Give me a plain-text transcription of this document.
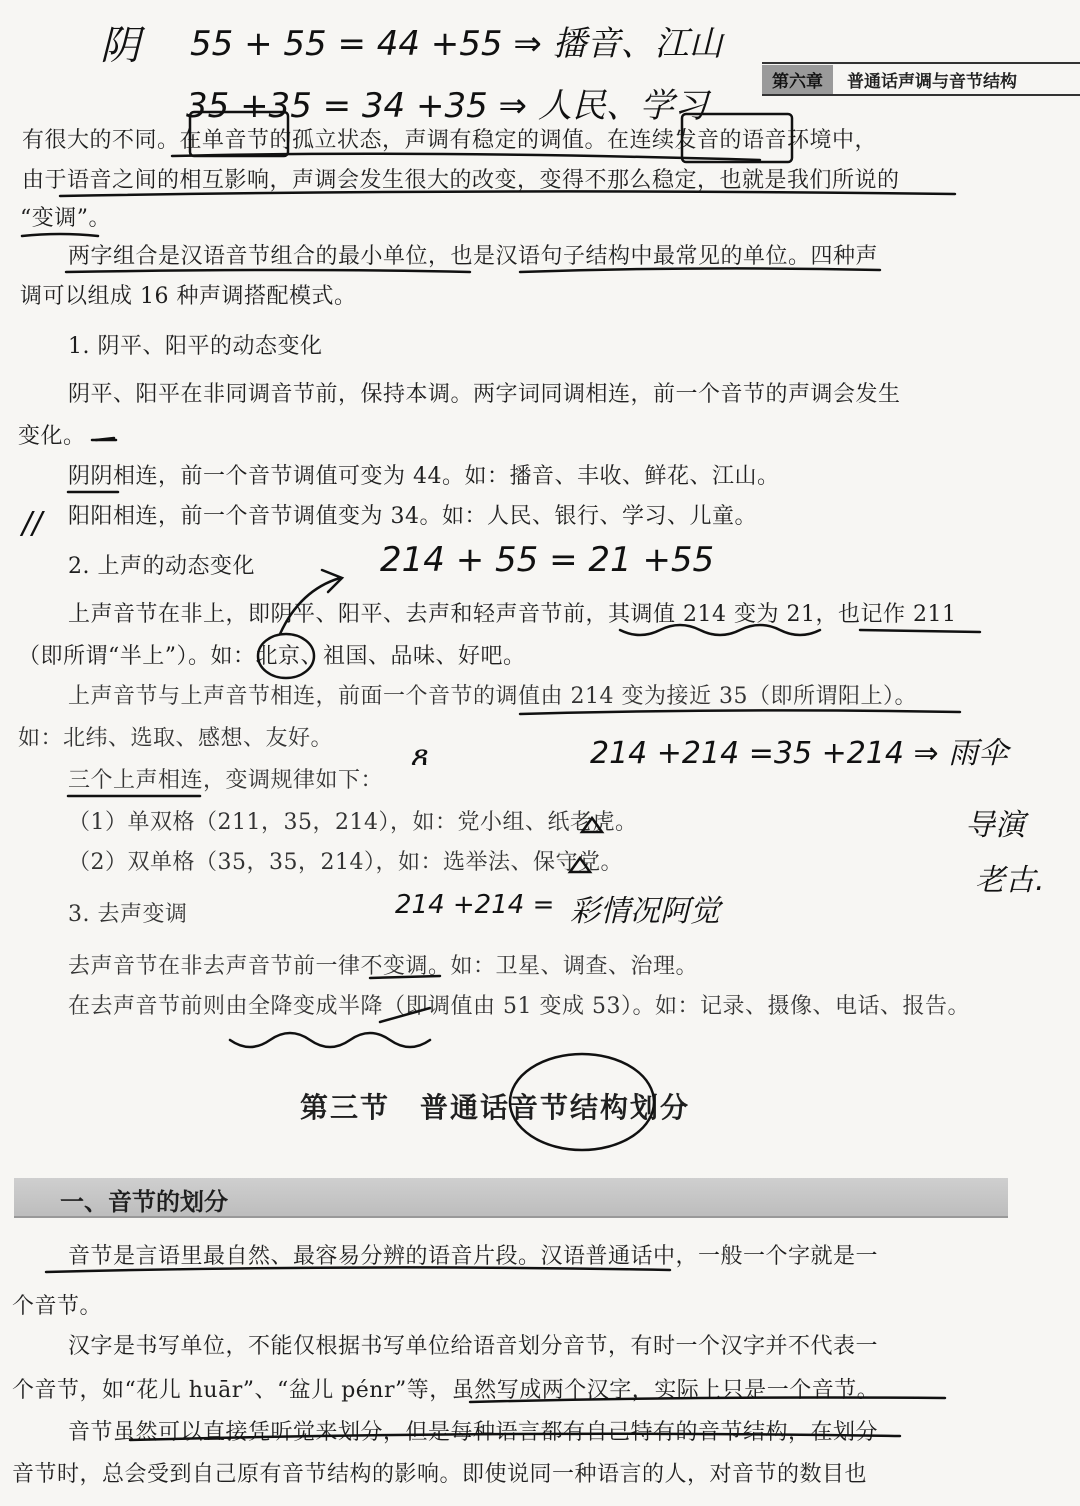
第六章	普通话声调与音节结构
阴 55 + 55 = 44 +55 ⇒ 播音、江山
35 +35 = 34 +35 ⇒ 人民、学习
214 + 55 = 21 +55
214 +214 =35 +214 ⇒ 雨伞
导演
老古.
214 +214 = 彩情况阿觉
//
ጸ
有很大的不同。在单音节的孤立状态，声调有稳定的调值。在连续发音的语音环境中，
由于语音之间的相互影响，声调会发生很大的改变，变得不那么稳定，也就是我们所说的
“变调”。
两字组合是汉语音节组合的最小单位，也是汉语句子结构中最常见的单位。四种声
调可以组成 16 种声调搭配模式。
1. 阴平、阳平的动态变化
阴平、阳平在非同调音节前，保持本调。两字词同调相连，前一个音节的声调会发生
变化。
阴阴相连，前一个音节调值可变为 44。如：播音、丰收、鲜花、江山。
阳阳相连，前一个音节调值变为 34。如：人民、银行、学习、儿童。
2. 上声的动态变化
上声音节在非上，即阴平、阳平、去声和轻声音节前，其调值 214 变为 21，也记作 211
（即所谓“半上”）。如：北京、祖国、品味、好吧。
上声音节与上声音节相连，前面一个音节的调值由 214 变为接近 35（即所谓阳上）。
如：北纬、选取、感想、友好。
三个上声相连，变调规律如下：
（1）单双格（211，35，214），如：党小组、纸老虎。
（2）双单格（35，35，214），如：选举法、保守党。
3. 去声变调
去声音节在非去声音节前一律不变调。如：卫星、调查、治理。
在去声音节前则由全降变成半降（即调值由 51 变成 53）。如：记录、摄像、电话、报告。
第三节　普通话音节结构划分
一、音节的划分
音节是言语里最自然、最容易分辨的语音片段。汉语普通话中，一般一个字就是一
个音节。
汉字是书写单位，不能仅根据书写单位给语音划分音节，有时一个汉字并不代表一
个音节，如“花儿 huār”、“盆儿 pénr”等，虽然写成两个汉字，实际上只是一个音节。
音节虽然可以直接凭听觉来划分，但是每种语言都有自己特有的音节结构，在划分
音节时，总会受到自己原有音节结构的影响。即使说同一种语言的人，对音节的数目也
